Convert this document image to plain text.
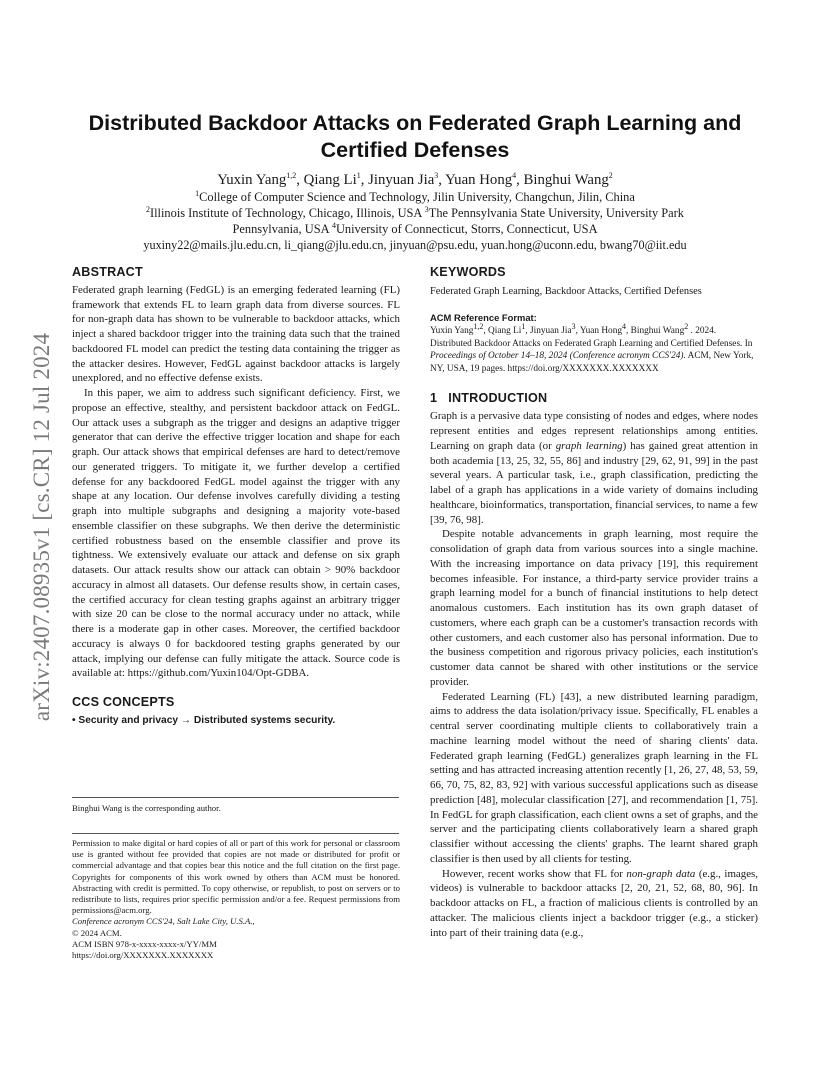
arXiv:2407.08935v1 [cs.CR] 12 Jul 2024
Distributed Backdoor Attacks on Federated Graph Learning and
Certified Defenses
Yuxin Yang$^{1,2}$, Qiang Li$^1$, Jinyuan Jia$^3$, Yuan Hong$^4$, Binghui Wang$^2$
$^1$College of Computer Science and Technology, Jilin University, Changchun, Jilin, China
$^2$Illinois Institute of Technology, Chicago, Illinois, USA $^3$The Pennsylvania State University, University Park
Pennsylvania, USA $^4$University of Connecticut, Storrs, Connecticut, USA
yuxiny22@mails.jlu.edu.cn, li_qiang@jlu.edu.cn, jinyuan@psu.edu, yuan.hong@uconn.edu, bwang70@iit.edu
ABSTRACT

Federated graph learning (FedGL) is an emerging federated learning (FL) framework that extends FL to learn graph data from diverse sources. FL for non-graph data has shown to be vulnerable to backdoor attacks, which inject a shared backdoor trigger into the training data such that the trained backdoored FL model can predict the testing data containing the trigger as the attacker desires. However, FedGL against backdoor attacks is largely unexplored, and no effective defense exists.

In this paper, we aim to address such significant deficiency. First, we propose an effective, stealthy, and persistent backdoor attack on FedGL. Our attack uses a subgraph as the trigger and designs an adaptive trigger generator that can derive the effective trigger location and shape for each graph. Our attack shows that empirical defenses are hard to detect/remove our generated triggers. To mitigate it, we further develop a certified defense for any backdoored FedGL model against the trigger with any shape at any location. Our defense involves carefully dividing a testing graph into multiple subgraphs and designing a majority vote-based ensemble classifier on these subgraphs. We then derive the deterministic certified robustness based on the ensemble classifier and prove its tightness. We extensively evaluate our attack and defense on six graph datasets. Our attack results show our attack can obtain > 90% backdoor accuracy in almost all datasets. Our defense results show, in certain cases, the certified accuracy for clean testing graphs against an arbitrary trigger with size 20 can be close to the normal accuracy under no attack, while there is a moderate gap in other cases. Moreover, the certified backdoor accuracy is always 0 for backdoored testing graphs generated by our attack, implying our defense can fully mitigate the attack. Source code is available at: https://github.com/Yuxin104/Opt-GDBA.

CCS CONCEPTS

• Security and privacy → Distributed systems security.

Binghui Wang is the corresponding author.

Permission to make digital or hard copies of all or part of this work for personal or classroom use is granted without fee provided that copies are not made or distributed for profit or commercial advantage and that copies bear this notice and the full citation on the first page. Copyrights for components of this work owned by others than ACM must be honored. Abstracting with credit is permitted. To copy otherwise, or republish, to post on servers or to redistribute to lists, requires prior specific permission and/or a fee. Request permissions from permissions@acm.org.

Conference acronym CCS'24, Salt Lake City, U.S.A.,
© 2024 ACM.
ACM ISBN 978-x-xxxx-xxxx-x/YY/MM
https://doi.org/XXXXXXX.XXXXXXX
KEYWORDS

Federated Graph Learning, Backdoor Attacks, Certified Defenses

ACM Reference Format:

Yuxin Yang$^{1,2}$, Qiang Li$^1$, Jinyuan Jia$^3$, Yuan Hong$^4$, Binghui Wang$^2$ . 2024. Distributed Backdoor Attacks on Federated Graph Learning and Certified Defenses. In Proceedings of October 14–18, 2024 (Conference acronym CCS'24). ACM, New York, NY, USA, 19 pages. https://doi.org/XXXXXXX.XXXXXXX

1   INTRODUCTION

Graph is a pervasive data type consisting of nodes and edges, where nodes represent entities and edges represent relationships among entities. Learning on graph data (or graph learning) has gained great attention in both academia [13, 25, 32, 55, 86] and industry [29, 62, 91, 99] in the past several years. A particular task, i.e., graph classification, predicting the label of a graph has applications in a wide variety of domains including healthcare, bioinformatics, transportation, financial services, to name a few [39, 76, 98].

Despite notable advancements in graph learning, most require the consolidation of graph data from various sources into a single machine. With the increasing importance on data privacy [19], this requirement becomes infeasible. For instance, a third-party service provider trains a graph learning model for a bunch of financial institutions to help detect anomalous customers. Each institution has its own graph dataset of customers, where each graph can be a customer's transaction records with other customers, and each customer also has personal information. Due to the business competition and rigorous privacy policies, each institution's customer data cannot be shared with other institutions or the service provider.

Federated Learning (FL) [43], a new distributed learning paradigm, aims to address the data isolation/privacy issue. Specifically, FL enables a central server coordinating multiple clients to collaboratively train a machine learning model without the need of sharing clients' data. Federated graph learning (FedGL) generalizes graph learning in the FL setting and has attracted increasing attention recently [1, 26, 27, 48, 53, 59, 66, 70, 75, 82, 83, 92] with various successful applications such as disease prediction [48], molecular classification [27], and recommendation [1, 75]. In FedGL for graph classification, each client owns a set of graphs, and the server and the participating clients collaboratively learn a shared graph classifier without accessing the clients' graphs. The learnt shared graph classifier is then used by all clients for testing.

However, recent works show that FL for non-graph data (e.g., images, videos) is vulnerable to backdoor attacks [2, 20, 21, 52, 68, 80, 96]. In backdoor attacks on FL, a fraction of malicious clients is controlled by an attacker. The malicious clients inject a backdoor trigger (e.g., a sticker) into part of their training data (e.g.,
